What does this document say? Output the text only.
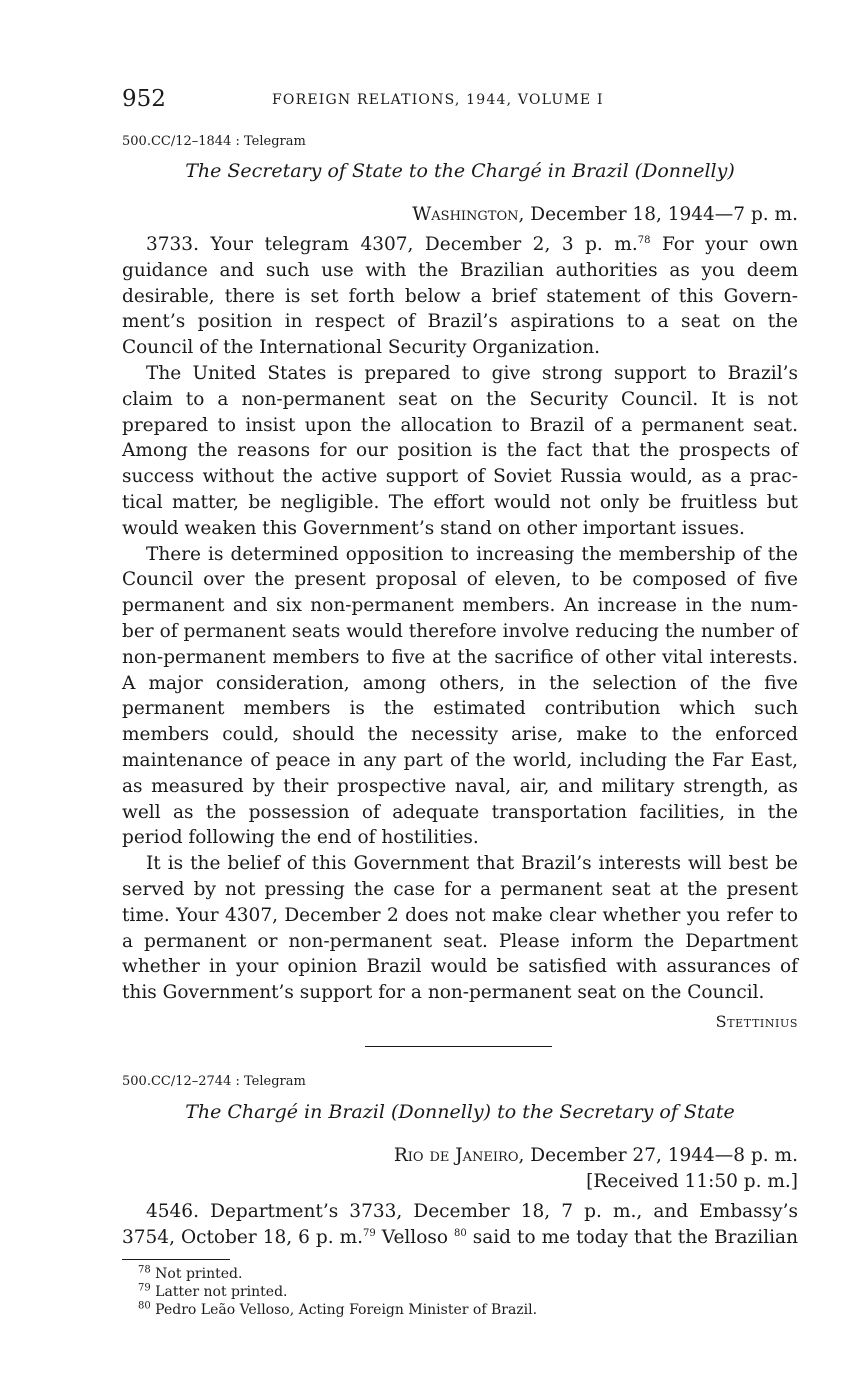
952	FOREIGN RELATIONS, 1944, VOLUME I
500.CC/12–1844 : Telegram
The Secretary of State to the Chargé in Brazil (Donnelly)
Washington, December 18, 1944—7 p. m.

3733. Your telegram 4307, December 2, 3 p. m.$^{78}$ For your own guidance and such use with the Brazilian authorities as you deem desirable, there is set forth below a brief statement of this Government’s position in respect of Brazil’s aspirations to a seat on the Council of the International Security Organization.

The United States is prepared to give strong support to Brazil’s claim to a non-permanent seat on the Security Council. It is not prepared to insist upon the allocation to Brazil of a permanent seat. Among the reasons for our position is the fact that the prospects of success without the active support of Soviet Russia would, as a practical matter, be negligible. The effort would not only be fruitless but would weaken this Government’s stand on other important issues.

There is determined opposition to increasing the membership of the Council over the present proposal of eleven, to be composed of five permanent and six non-permanent members. An increase in the number of permanent seats would therefore involve reducing the number of non-permanent members to five at the sacrifice of other vital interests. A major consideration, among others, in the selection of the five permanent members is the estimated contribution which such members could, should the necessity arise, make to the enforced maintenance of peace in any part of the world, including the Far East, as measured by their prospective naval, air, and military strength, as well as the possession of adequate transportation facilities, in the period following the end of hostilities.

It is the belief of this Government that Brazil’s interests will best be served by not pressing the case for a permanent seat at the present time. Your 4307, December 2 does not make clear whether you refer to a permanent or non-permanent seat. Please inform the Department whether in your opinion Brazil would be satisfied with assurances of this Government’s support for a non-permanent seat on the Council.

Stettinius
500.CC/12–2744 : Telegram
The Chargé in Brazil (Donnelly) to the Secretary of State
Rio de Janeiro, December 27, 1944—8 p. m.
[Received 11:50 p. m.]

4546. Department’s 3733, December 18, 7 p. m., and Embassy’s 3754, October 18, 6 p. m.$^{79}$ Velloso $^{80}$ said to me today that the Brazilian

$^{78}$ Not printed.
$^{79}$ Latter not printed.
$^{80}$ Pedro Leão Velloso, Acting Foreign Minister of Brazil.
